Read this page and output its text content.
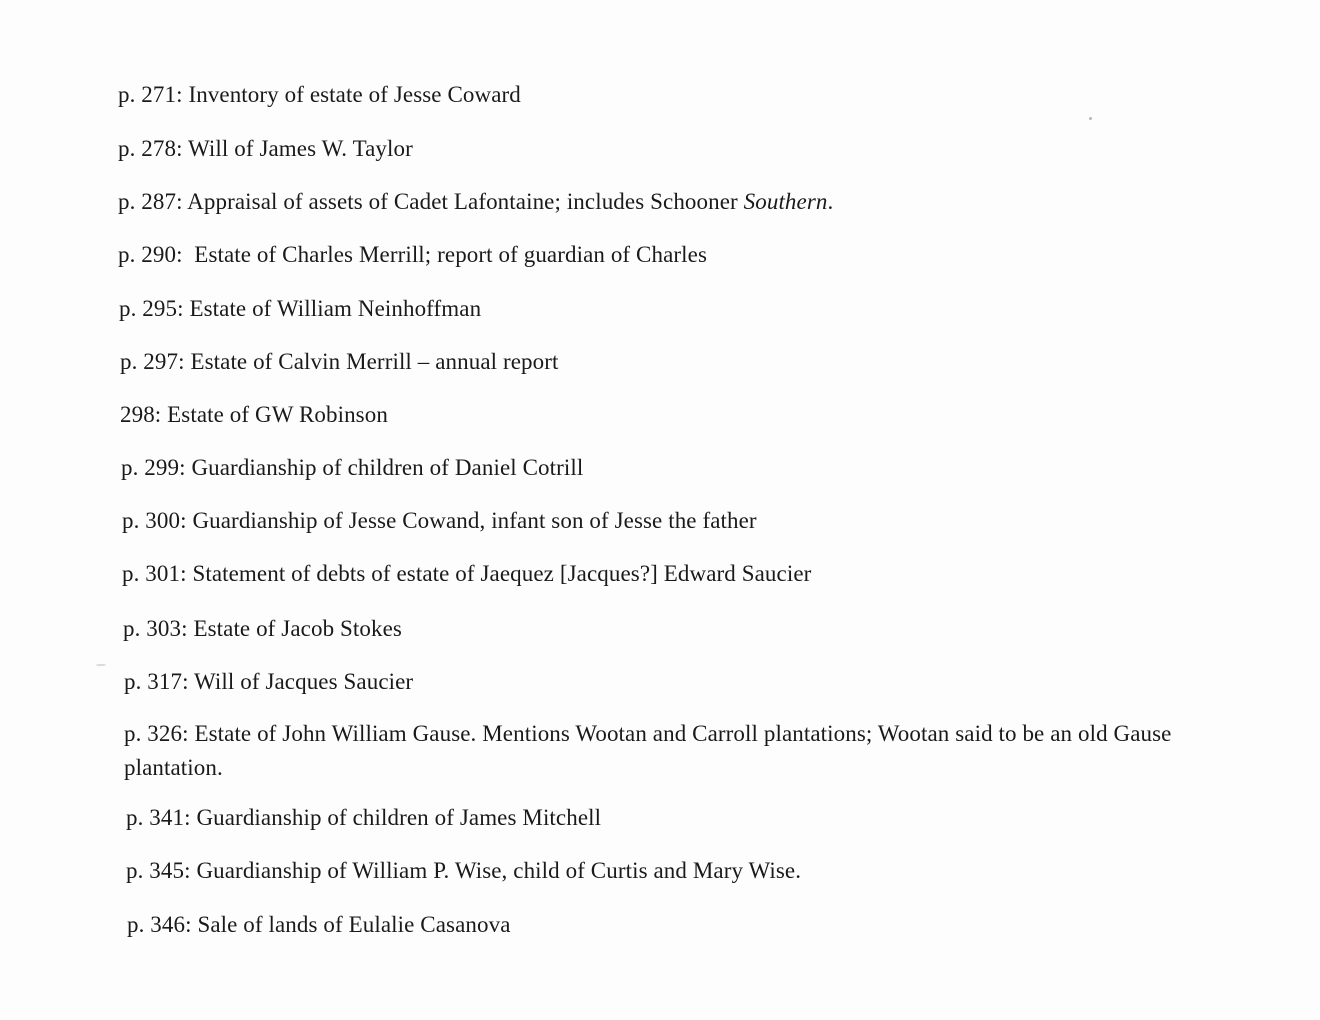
p. 271: Inventory of estate of Jesse Coward
p. 278: Will of James W. Taylor
p. 287: Appraisal of assets of Cadet Lafontaine; includes Schooner Southern.
p. 290:  Estate of Charles Merrill; report of guardian of Charles
p. 295: Estate of William Neinhoffman
p. 297: Estate of Calvin Merrill – annual report
298: Estate of GW Robinson
p. 299: Guardianship of children of Daniel Cotrill
p. 300: Guardianship of Jesse Cowand, infant son of Jesse the father
p. 301: Statement of debts of estate of Jaequez [Jacques?] Edward Saucier
p. 303: Estate of Jacob Stokes
p. 317: Will of Jacques Saucier
p. 326: Estate of John William Gause. Mentions Wootan and Carroll plantations; Wootan said to be an old Gause plantation.
p. 341: Guardianship of children of James Mitchell
p. 345: Guardianship of William P. Wise, child of Curtis and Mary Wise.
p. 346: Sale of lands of Eulalie Casanova
